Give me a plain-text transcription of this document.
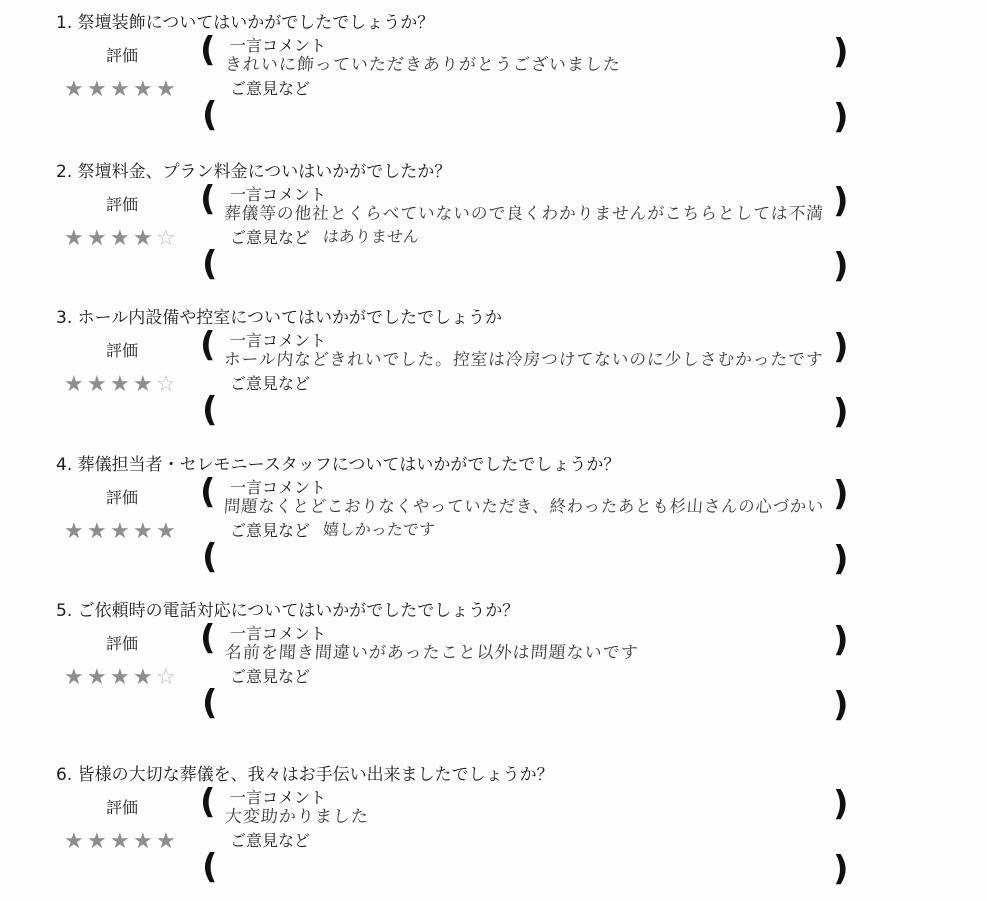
1. 祭壇装飾についてはいかがでしたでしょうか？
評価
★ ★ ★ ★ ★
(	)
一言コメント
きれいに飾っていただきありがとうございました
ご意見など
(	)
2. 祭壇料金、プラン料金についはいかがでしたか？
評価
★ ★ ★ ★ ☆
(	)
一言コメント
葬儀等の他社とくらべていないので良くわかりませんがこちらとしては不満
ご意見など はありません
(	)
3. ホール内設備や控室についてはいかがでしたでしょうか
評価
★ ★ ★ ★ ☆
(	)
一言コメント
ホール内などきれいでした。控室は冷房つけてないのに少しさむかったです
ご意見など
(	)
4. 葬儀担当者・セレモニースタッフについてはいかがでしたでしょうか？
評価
★ ★ ★ ★ ★
(	)
一言コメント
問題なくとどこおりなくやっていただき、終わったあとも杉山さんの心づかい
ご意見など 嬉しかったです
(	)
5. ご依頼時の電話対応についてはいかがでしたでしょうか？
評価
★ ★ ★ ★ ☆
(	)
一言コメント
名前を聞き間違いがあったこと以外は問題ないです
ご意見など
(	)
6. 皆様の大切な葬儀を、我々はお手伝い出来ましたでしょうか？
評価
★ ★ ★ ★ ★
(	)
一言コメント
大変助かりました
ご意見など
(	)
